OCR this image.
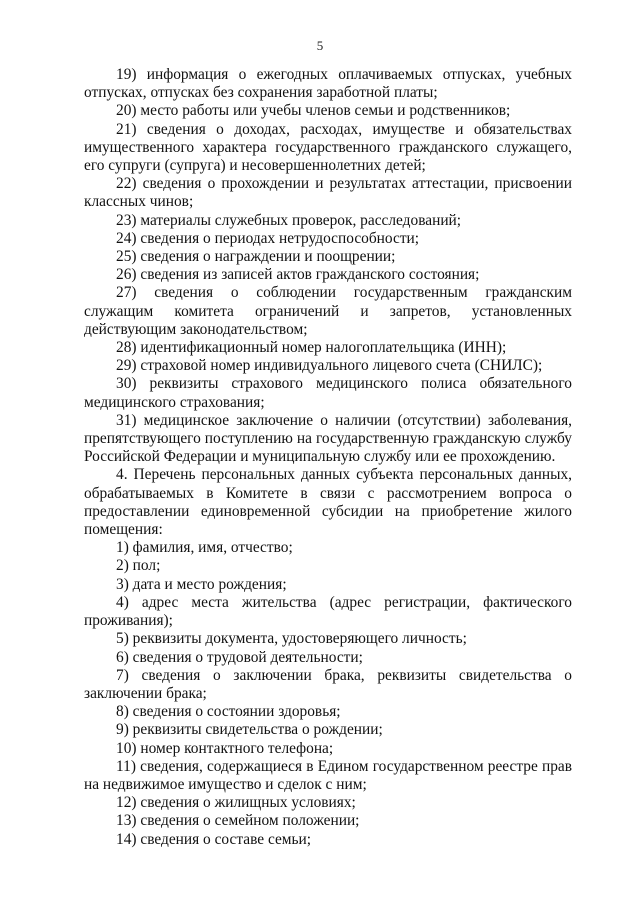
5

19) информация о ежегодных оплачиваемых отпусках, учебных отпусках, отпусках без сохранения заработной платы;

20) место работы или учебы членов семьи и родственников;

21) сведения о доходах, расходах, имуществе и обязательствах имущественного характера государственного гражданского служащего, его супруги (супруга) и несовершеннолетних детей;

22) сведения о прохождении и результатах аттестации, присвоении классных чинов;

23) материалы служебных проверок, расследований;

24) сведения о периодах нетрудоспособности;

25) сведения о награждении и поощрении;

26) сведения из записей актов гражданского состояния;

27) сведения о соблюдении государственным гражданским служащим комитета ограничений и запретов, установленных действующим законодательством;

28) идентификационный номер налогоплательщика (ИНН);

29) страховой номер индивидуального лицевого счета (СНИЛС);

30) реквизиты страхового медицинского полиса обязательного медицинского страхования;

31) медицинское заключение о наличии (отсутствии) заболевания, препятствующего поступлению на государственную гражданскую службу Российской Федерации и муниципальную службу или ее прохождению.

4. Перечень персональных данных субъекта персональных данных, обрабатываемых в Комитете в связи с рассмотрением вопроса о предоставлении единовременной субсидии на приобретение жилого помещения:

1) фамилия, имя, отчество;

2) пол;

3) дата и место рождения;

4) адрес места жительства (адрес регистрации, фактического проживания);

5) реквизиты документа, удостоверяющего личность;

6) сведения о трудовой деятельности;

7) сведения о заключении брака, реквизиты свидетельства о заключении брака;

8) сведения о состоянии здоровья;

9) реквизиты свидетельства о рождении;

10) номер контактного телефона;

11) сведения, содержащиеся в Едином государственном реестре прав на недвижимое имущество и сделок с ним;

12) сведения о жилищных условиях;

13) сведения о семейном положении;

14) сведения о составе семьи;
